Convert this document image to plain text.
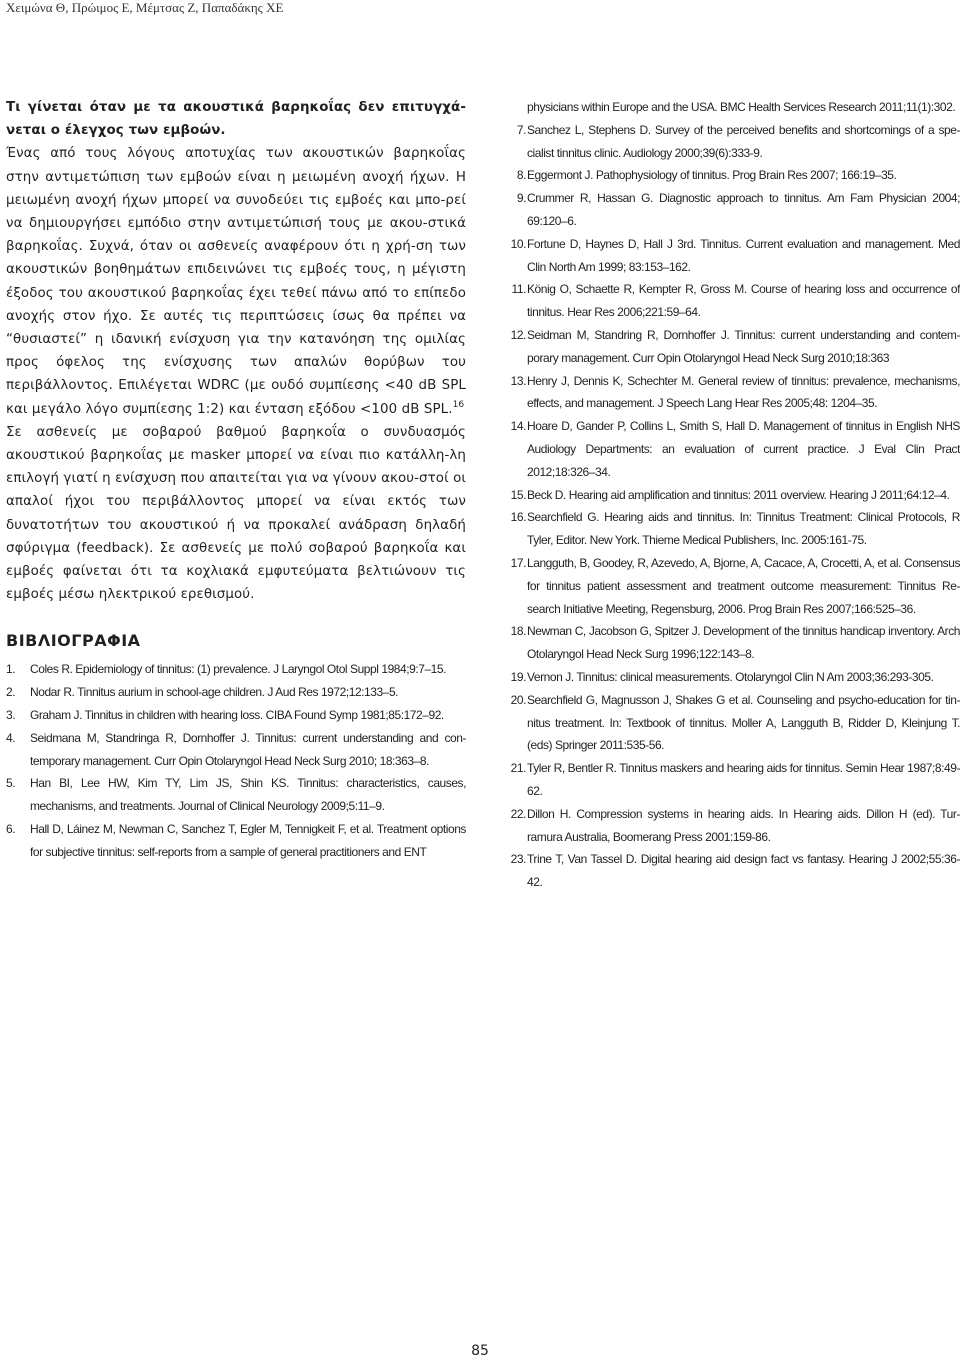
Χειμώνα Θ, Πρώιμος Ε, Μέμτσας Ζ, Παπαδάκης ΧΕ

Τι γίνεται όταν με τα ακουστικά βαρηκοΐας δεν επιτυγχά-νεται ο έλεγχος των εμβοών.
Ένας από τους λόγους αποτυχίας των ακουστικών βαρηκοΐας στην αντιμετώπιση των εμβοών είναι η μειωμένη ανοχή ήχων. Η μειωμένη ανοχή ήχων μπορεί να συνοδεύει τις εμβοές και μπο-ρεί να δημιουργήσει εμπόδιο στην αντιμετώπισή τους με ακου-στικά βαρηκοΐας. Συχνά, όταν οι ασθενείς αναφέρουν ότι η χρή-ση των ακουστικών βοηθημάτων επιδεινώνει τις εμβοές τους, η μέγιστη έξοδος του ακουστικού βαρηκοΐας έχει τεθεί πάνω από το επίπεδο ανοχής στον ήχο. Σε αυτές τις περιπτώσεις ίσως θα πρέπει να “θυσιαστεί” η ιδανική ενίσχυση για την κατανόηση της ομιλίας προς όφελος της ενίσχυσης των απαλών θορύβων του περιβάλλοντος. Επιλέγεται WDRC (με ουδό συμπίεσης <40 dB SPL και μεγάλο λόγο συμπίεσης 1:2) και ένταση εξόδου <100 dB SPL.$^{16}$

Σε ασθενείς με σοβαρού βαθμού βαρηκοΐα ο συνδυασμός ακουστικού βαρηκοΐας με masker μπορεί να είναι πιο κατάλλη-λη επιλογή γιατί η ενίσχυση που απαιτείται για να γίνουν ακου-στοί οι απαλοί ήχοι του περιβάλλοντος μπορεί να είναι εκτός των δυνατοτήτων του ακουστικού ή να προκαλεί ανάδραση δηλαδή σφύριγμα (feedback). Σε ασθενείς με πολύ σοβαρού βαρηκοΐα και εμβοές φαίνεται ότι τα κοχλιακά εμφυτεύματα βελτιώνουν τις εμβοές μέσω ηλεκτρικού ερεθισμού.

ΒΙΒΛΙΟΓΡΑΦΙΑ
1.	Coles R. Epidemiology of tinnitus: (1) prevalence. J Laryngol Otol Suppl 1984;9:7–15.
2.	Nodar R. Tinnitus aurium in school-age children. J Aud Res 1972;12:133–5.
3.	Graham J. Tinnitus in children with hearing loss. CIBA Found Symp 1981;85:172–92.
4.	Seidmana M, Standringa R, Dornhoffer J. Tinnitus: current understanding and con-temporary management. Curr Opin Otolaryngol Head Neck Surg 2010; 18:363–8.
5.	Han BI, Lee HW, Kim TY, Lim JS, Shin KS. Tinnitus: characteristics, causes, mechanisms, and treatments. Journal of Clinical Neurology 2009;5:11–9.
6.	Hall D, Láinez M, Newman C, Sanchez T, Egler M, Tennigkeit F, et al. Treatment options for subjective tinnitus: self-reports from a sample of general practitioners and ENT
physicians within Europe and the USA. BMC Health Services Research 2011;11(1):302.
7. Sanchez L, Stephens D. Survey of the perceived benefits and shortcomings of a spe-cialist tinnitus clinic. Audiology 2000;39(6):333-9.
8. Eggermont J. Pathophysiology of tinnitus. Prog Brain Res 2007; 166:19–35.
9. Crummer R, Hassan G. Diagnostic approach to tinnitus. Am Fam Physician 2004; 69:120–6.
10. Fortune D, Haynes D, Hall J 3rd. Tinnitus. Current evaluation and management. Med Clin North Am 1999; 83:153–162.
11. König O, Schaette R, Kempter R, Gross M. Course of hearing loss and occurrence of tinnitus. Hear Res 2006;221:59–64.
12. Seidman M, Standring R, Dornhoffer J. Tinnitus: current understanding and contem-porary management. Curr Opin Otolaryngol Head Neck Surg 2010;18:363
13. Henry J, Dennis K, Schechter M. General review of tinnitus: prevalence, mechanisms, effects, and management. J Speech Lang Hear Res 2005;48: 1204–35.
14. Hoare D, Gander P, Collins L, Smith S, Hall D. Management of tinnitus in English NHS Audiology Departments: an evaluation of current practice. J Eval Clin Pract 2012;18:326–34.
15. Beck D. Hearing aid amplification and tinnitus: 2011 overview. Hearing J 2011;64:12–4.
16. Searchfield G. Hearing aids and tinnitus. In: Tinnitus Treatment: Clinical Protocols, R Tyler, Editor. New York. Thieme Medical Publishers, Inc. 2005:161-75.
17. Langguth, B, Goodey, R, Azevedo, A, Bjorne, A, Cacace, A, Crocetti, A, et al. Consensus for tinnitus patient assessment and treatment outcome measurement: Tinnitus Re-search Initiative Meeting, Regensburg, 2006. Prog Brain Res 2007;166:525–36.
18. Newman C, Jacobson G, Spitzer J. Development of the tinnitus handicap inventory. Arch Otolaryngol Head Neck Surg 1996;122:143–8.
19. Vernon J. Tinnitus: clinical measurements. Otolaryngol Clin N Am 2003;36:293-305.
20. Searchfield G, Magnusson J, Shakes G et al. Counseling and psycho-education for tin-nitus treatment. In: Textbook of tinnitus. Moller A, Langguth B, Ridder D, Kleinjung T. (eds) Springer 2011:535-56.
21. Tyler R, Bentler R. Tinnitus maskers and hearing aids for tinnitus. Semin Hear 1987;8:49-62.
22. Dillon H. Compression systems in hearing aids. In Hearing aids. Dillon H (ed). Tur-ramura Australia, Boomerang Press 2001:159-86.
23. Trine T, Van Tassel D. Digital hearing aid design fact vs fantasy. Hearing J 2002;55:36-42.
85
